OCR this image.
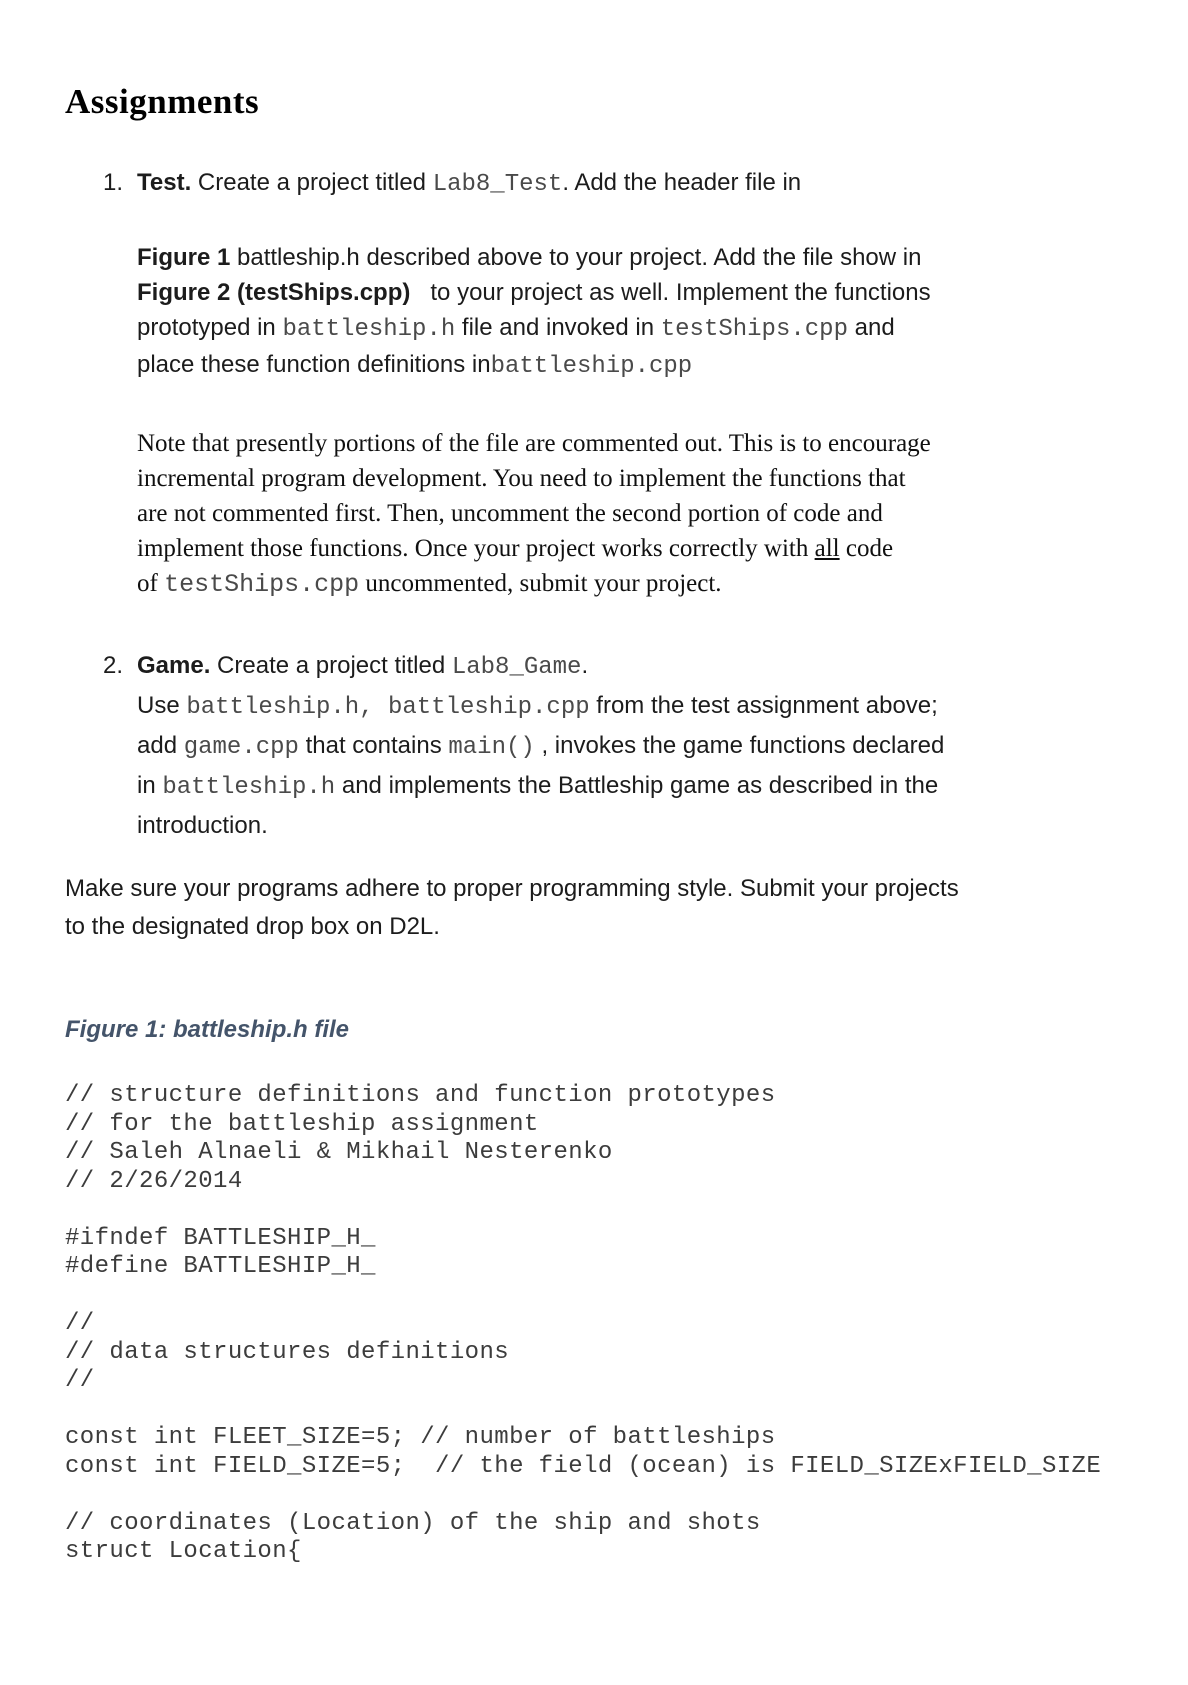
Assignments
1. Test. Create a project titled Lab8_Test. Add the header file in
Figure 1 battleship.h described above to your project. Add the file show in
Figure 2 (testShips.cpp)   to your project as well. Implement the functions
prototyped in battleship.h file and invoked in testShips.cpp and
place these function definitions inbattleship.cpp
Note that presently portions of the file are commented out. This is to encourage
incremental program development. You need to implement the functions that
are not commented first. Then, uncomment the second portion of code and
implement those functions. Once your project works correctly with all code
of testShips.cpp uncommented, submit your project.
2. Game. Create a project titled Lab8_Game.
Use battleship.h, battleship.cpp from the test assignment above;
add game.cpp that contains main() , invokes the game functions declared
in battleship.h and implements the Battleship game as described in the
introduction.
Make sure your programs adhere to proper programming style. Submit your projects
to the designated drop box on D2L.
Figure 1: battleship.h file
// structure definitions and function prototypes
// for the battleship assignment
// Saleh Alnaeli & Mikhail Nesterenko
// 2/26/2014

#ifndef BATTLESHIP_H_
#define BATTLESHIP_H_

//
// data structures definitions
//

const int FLEET_SIZE=5; // number of battleships
const int FIELD_SIZE=5;  // the field (ocean) is FIELD_SIZExFIELD_SIZE

// coordinates (Location) of the ship and shots
struct Location{
